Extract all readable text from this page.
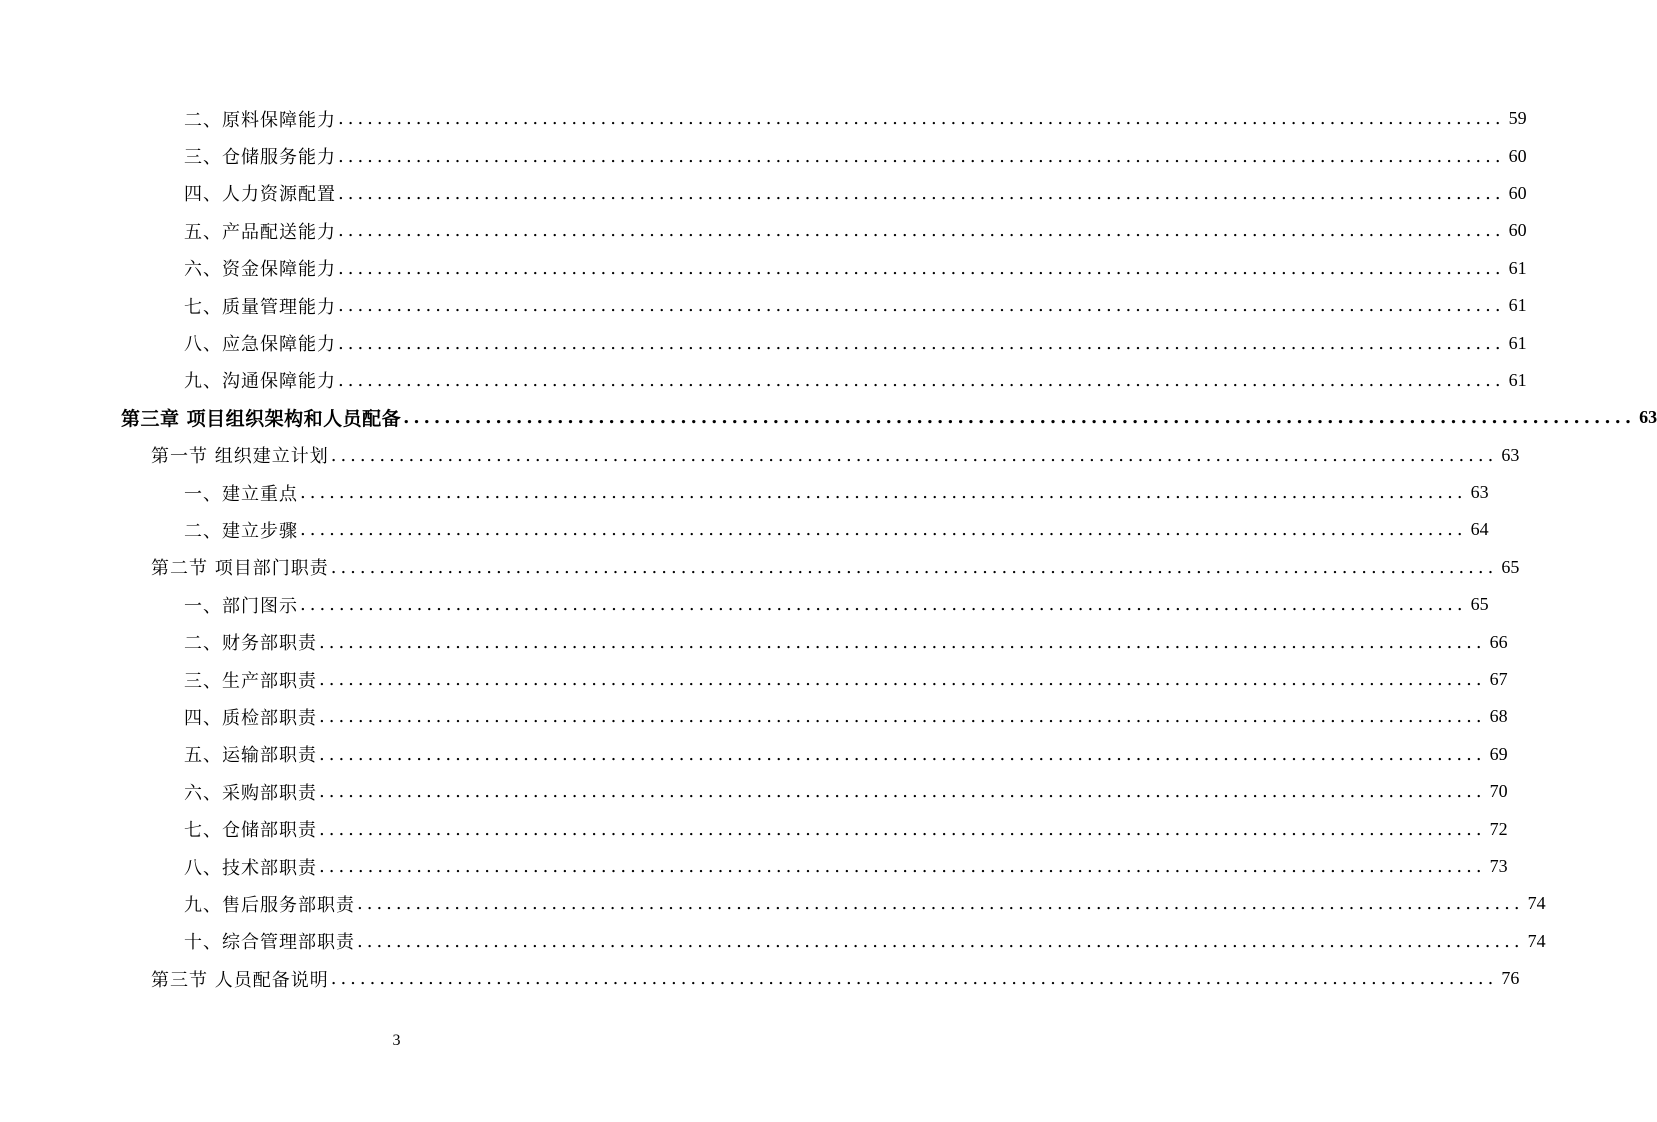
二、原料保障能力 ........................................................................................................................ 59
三、仓储服务能力 ........................................................................................................................ 60
四、人力资源配置 ........................................................................................................................ 60
五、产品配送能力 ........................................................................................................................ 60
六、资金保障能力 ........................................................................................................................ 61
七、质量管理能力 ........................................................................................................................ 61
八、应急保障能力 ........................................................................................................................ 61
九、沟通保障能力 ........................................................................................................................ 61
第三章 项目组织架构和人员配备 ........................................................................................................................ 63
第一节 组织建立计划 ........................................................................................................................ 63
一、建立重点 ........................................................................................................................ 63
二、建立步骤 ........................................................................................................................ 64
第二节 项目部门职责 ........................................................................................................................ 65
一、部门图示 ........................................................................................................................ 65
二、财务部职责 ........................................................................................................................ 66
三、生产部职责 ........................................................................................................................ 67
四、质检部职责 ........................................................................................................................ 68
五、运输部职责 ........................................................................................................................ 69
六、采购部职责 ........................................................................................................................ 70
七、仓储部职责 ........................................................................................................................ 72
八、技术部职责 ........................................................................................................................ 73
九、售后服务部职责 ........................................................................................................................ 74
十、综合管理部职责 ........................................................................................................................ 74
第三节 人员配备说明 ........................................................................................................................ 76
3
